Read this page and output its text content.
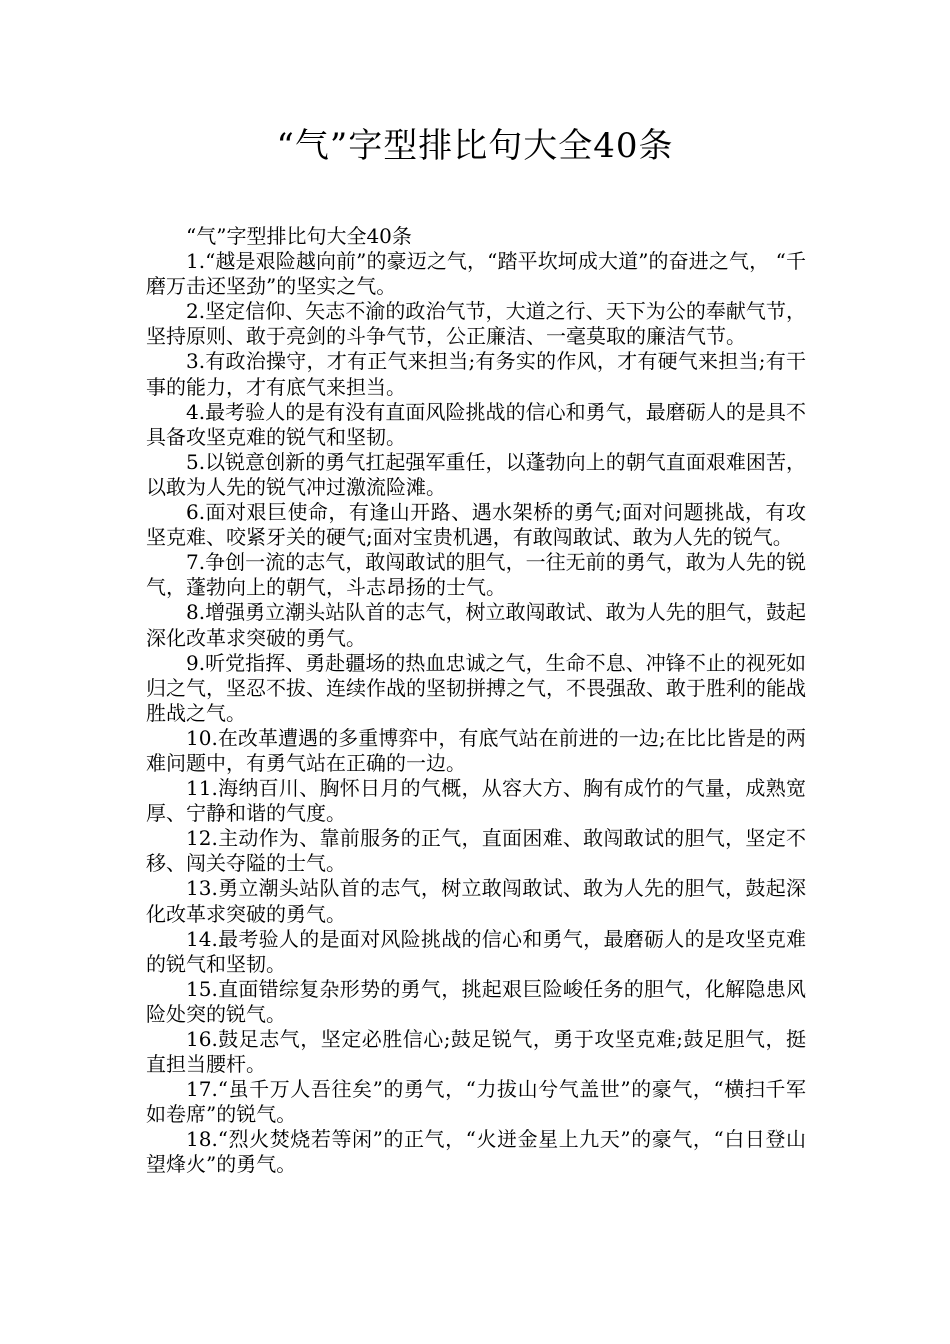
“气”字型排比句大全40条

“气”字型排比句大全40条

1.“越是艰险越向前”的豪迈之气，“踏平坎坷成大道”的奋进之气， “千磨万击还坚劲”的坚实之气。

2.坚定信仰、矢志不渝的政治气节，大道之行、天下为公的奉献气节，坚持原则、敢于亮剑的斗争气节，公正廉洁、一毫莫取的廉洁气节。

3.有政治操守，才有正气来担当;有务实的作风，才有硬气来担当;有干事的能力，才有底气来担当。

4.最考验人的是有没有直面风险挑战的信心和勇气，最磨砺人的是具不具备攻坚克难的锐气和坚韧。

5.以锐意创新的勇气扛起强军重任，以蓬勃向上的朝气直面艰难困苦，以敢为人先的锐气冲过激流险滩。

6.面对艰巨使命，有逢山开路、遇水架桥的勇气;面对问题挑战，有攻坚克难、咬紧牙关的硬气;面对宝贵机遇，有敢闯敢试、敢为人先的锐气。

7.争创一流的志气，敢闯敢试的胆气，一往无前的勇气，敢为人先的锐气，蓬勃向上的朝气，斗志昂扬的士气。

8.增强勇立潮头站队首的志气，树立敢闯敢试、敢为人先的胆气，鼓起深化改革求突破的勇气。

9.听党指挥、勇赴疆场的热血忠诚之气，生命不息、冲锋不止的视死如归之气，坚忍不拔、连续作战的坚韧拼搏之气，不畏强敌、敢于胜利的能战胜战之气。

10.在改革遭遇的多重博弈中，有底气站在前进的一边;在比比皆是的两难问题中，有勇气站在正确的一边。

11.海纳百川、胸怀日月的气概，从容大方、胸有成竹的气量，成熟宽厚、宁静和谐的气度。

12.主动作为、靠前服务的正气，直面困难、敢闯敢试的胆气，坚定不移、闯关夺隘的士气。

13.勇立潮头站队首的志气，树立敢闯敢试、敢为人先的胆气，鼓起深化改革求突破的勇气。

14.最考验人的是面对风险挑战的信心和勇气，最磨砺人的是攻坚克难的锐气和坚韧。

15.直面错综复杂形势的勇气，挑起艰巨险峻任务的胆气，化解隐患风险处突的锐气。

16.鼓足志气，坚定必胜信心;鼓足锐气，勇于攻坚克难;鼓足胆气，挺直担当腰杆。

17.“虽千万人吾往矣”的勇气，“力拔山兮气盖世”的豪气，“横扫千军如卷席”的锐气。

18.“烈火焚烧若等闲”的正气，“火迸金星上九天”的豪气，“白日登山望烽火”的勇气。
